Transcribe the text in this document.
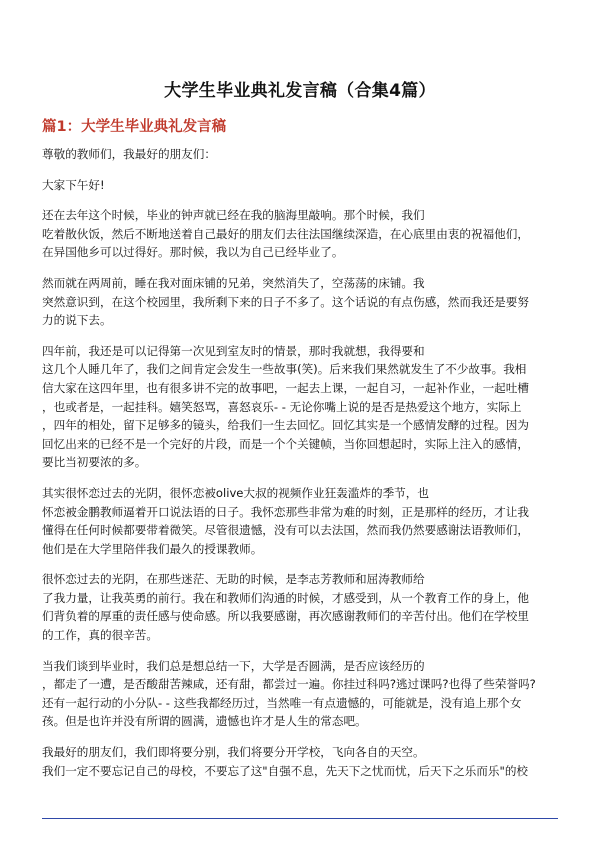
大学生毕业典礼发言稿（合集4篇）
篇1：大学生毕业典礼发言稿
尊敬的教师们，我最好的朋友们：
大家下午好!
还在去年这个时候，毕业的钟声就已经在我的脑海里敲响。那个时候，我们
吃着散伙饭，然后不断地送着自己最好的朋友们去往法国继续深造，在心底里由衷的祝福他们，
在异国他乡可以过得好。那时候，我以为自己已经毕业了。
然而就在两周前，睡在我对面床铺的兄弟，突然消失了，空荡荡的床铺。我
突然意识到，在这个校园里，我所剩下来的日子不多了。这个话说的有点伤感，然而我还是要努
力的说下去。
四年前，我还是可以记得第一次见到室友时的情景，那时我就想，我得要和
这几个人睡几年了，我们之间肯定会发生一些故事(笑)。后来我们果然就发生了不少故事。我相
信大家在这四年里，也有很多讲不完的故事吧，一起去上课，一起自习，一起补作业，一起吐槽
，也或者是，一起挂科。嬉笑怒骂，喜怒哀乐- - 无论你嘴上说的是否是热爱这个地方，实际上
，四年的相处，留下足够多的镜头，给我们一生去回忆。回忆其实是一个感情发酵的过程。因为
回忆出来的已经不是一个完好的片段，而是一个个关键帧，当你回想起时，实际上注入的感情，
要比当初要浓的多。
其实很怀恋过去的光阴，很怀恋被olive大叔的视频作业狂轰滥炸的季节，也
怀恋被金鹏教师逼着开口说法语的日子。我怀恋那些非常为难的时刻，正是那样的经历，才让我
懂得在任何时候都要带着微笑。尽管很遗憾，没有可以去法国，然而我仍然要感谢法语教师们，
他们是在大学里陪伴我们最久的授课教师。
很怀恋过去的光阴，在那些迷茫、无助的时候，是李志芳教师和屈涛教师给
了我力量，让我英勇的前行。我在和教师们沟通的时候，才感受到，从一个教育工作的身上，他
们背负着的厚重的责任感与使命感。所以我要感谢，再次感谢教师们的辛苦付出。他们在学校里
的工作，真的很辛苦。
当我们谈到毕业时，我们总是想总结一下，大学是否圆满，是否应该经历的
，都走了一遭，是否酸甜苦辣咸，还有甜，都尝过一遍。你挂过科吗?逃过课吗?也得了些荣誉吗?
还有一起行动的小分队- - 这些我都经历过，当然唯一有点遗憾的，可能就是，没有追上那个女
孩。但是也许并没有所谓的圆满，遗憾也许才是人生的常态吧。
我最好的朋友们，我们即将要分别，我们将要分开学校，飞向各自的天空。
我们一定不要忘记自己的母校，不要忘了这"自强不息，先天下之忧而忧，后天下之乐而乐"的校
